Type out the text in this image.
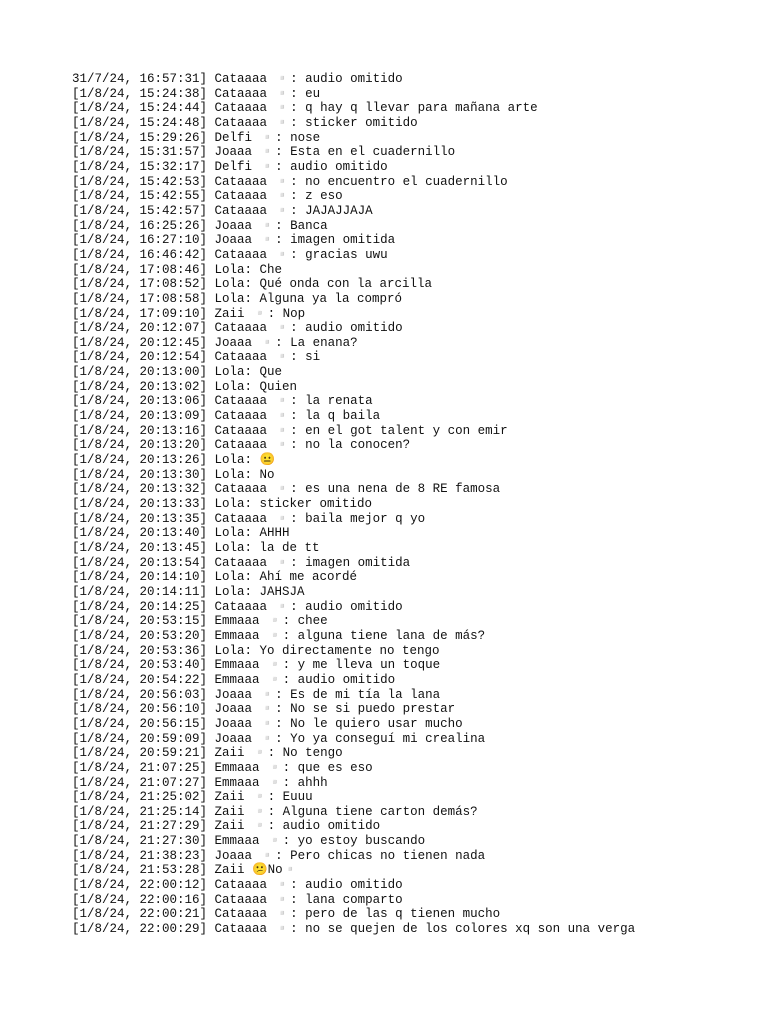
31/7/24, 16:57:31] Cataaaa ▫️: audio omitido
[1/8/24, 15:24:38] Cataaaa ▫️: eu
[1/8/24, 15:24:44] Cataaaa ▫️: q hay q llevar para mañana arte
[1/8/24, 15:24:48] Cataaaa ▫️: sticker omitido
[1/8/24, 15:29:26] Delfi ▫️: nose
[1/8/24, 15:31:57] Joaaa ▫️: Esta en el cuadernillo
[1/8/24, 15:32:17] Delfi ▫️: audio omitido
[1/8/24, 15:42:53] Cataaaa ▫️: no encuentro el cuadernillo
[1/8/24, 15:42:55] Cataaaa ▫️: z eso
[1/8/24, 15:42:57] Cataaaa ▫️: JAJAJJAJA
[1/8/24, 16:25:26] Joaaa ▫️: Banca
[1/8/24, 16:27:10] Joaaa ▫️: imagen omitida
[1/8/24, 16:46:42] Cataaaa ▫️: gracias uwu
[1/8/24, 17:08:46] Lola: Che
[1/8/24, 17:08:52] Lola: Qué onda con la arcilla
[1/8/24, 17:08:58] Lola: Alguna ya la compró
[1/8/24, 17:09:10] Zaii ▫️: Nop
[1/8/24, 20:12:07] Cataaaa ▫️: audio omitido
[1/8/24, 20:12:45] Joaaa ▫️: La enana?
[1/8/24, 20:12:54] Cataaaa ▫️: si
[1/8/24, 20:13:00] Lola: Que
[1/8/24, 20:13:02] Lola: Quien
[1/8/24, 20:13:06] Cataaaa ▫️: la renata
[1/8/24, 20:13:09] Cataaaa ▫️: la q baila
[1/8/24, 20:13:16] Cataaaa ▫️: en el got talent y con emir
[1/8/24, 20:13:20] Cataaaa ▫️: no la conocen?
[1/8/24, 20:13:26] Lola: 😐
[1/8/24, 20:13:30] Lola: No
[1/8/24, 20:13:32] Cataaaa ▫️: es una nena de 8 RE famosa
[1/8/24, 20:13:33] Lola: sticker omitido
[1/8/24, 20:13:35] Cataaaa ▫️: baila mejor q yo
[1/8/24, 20:13:40] Lola: AHHH
[1/8/24, 20:13:45] Lola: la de tt
[1/8/24, 20:13:54] Cataaaa ▫️: imagen omitida
[1/8/24, 20:14:10] Lola: Ahí me acordé
[1/8/24, 20:14:11] Lola: JAHSJA
[1/8/24, 20:14:25] Cataaaa ▫️: audio omitido
[1/8/24, 20:53:15] Emmaaa ▫️: chee
[1/8/24, 20:53:20] Emmaaa ▫️: alguna tiene lana de más?
[1/8/24, 20:53:36] Lola: Yo directamente no tengo
[1/8/24, 20:53:40] Emmaaa ▫️: y me lleva un toque
[1/8/24, 20:54:22] Emmaaa ▫️: audio omitido
[1/8/24, 20:56:03] Joaaa ▫️: Es de mi tía la lana
[1/8/24, 20:56:10] Joaaa ▫️: No se si puedo prestar
[1/8/24, 20:56:15] Joaaa ▫️: No le quiero usar mucho
[1/8/24, 20:59:09] Joaaa ▫️: Yo ya conseguí mi crealina
[1/8/24, 20:59:21] Zaii ▫️: No tengo
[1/8/24, 21:07:25] Emmaaa ▫️: que es eso
[1/8/24, 21:07:27] Emmaaa ▫️: ahhh
[1/8/24, 21:25:02] Zaii ▫️: Euuu
[1/8/24, 21:25:14] Zaii ▫️: Alguna tiene carton demás?
[1/8/24, 21:27:29] Zaii ▫️: audio omitido
[1/8/24, 21:27:30] Emmaaa ▫️: yo estoy buscando
[1/8/24, 21:38:23] Joaaa ▫️: Pero chicas no tienen nada
[1/8/24, 21:53:28] Zaii 😕No▫️
[1/8/24, 22:00:12] Cataaaa ▫️: audio omitido
[1/8/24, 22:00:16] Cataaaa ▫️: lana comparto
[1/8/24, 22:00:21] Cataaaa ▫️: pero de las q tienen mucho
[1/8/24, 22:00:29] Cataaaa ▫️: no se quejen de los colores xq son una verga
